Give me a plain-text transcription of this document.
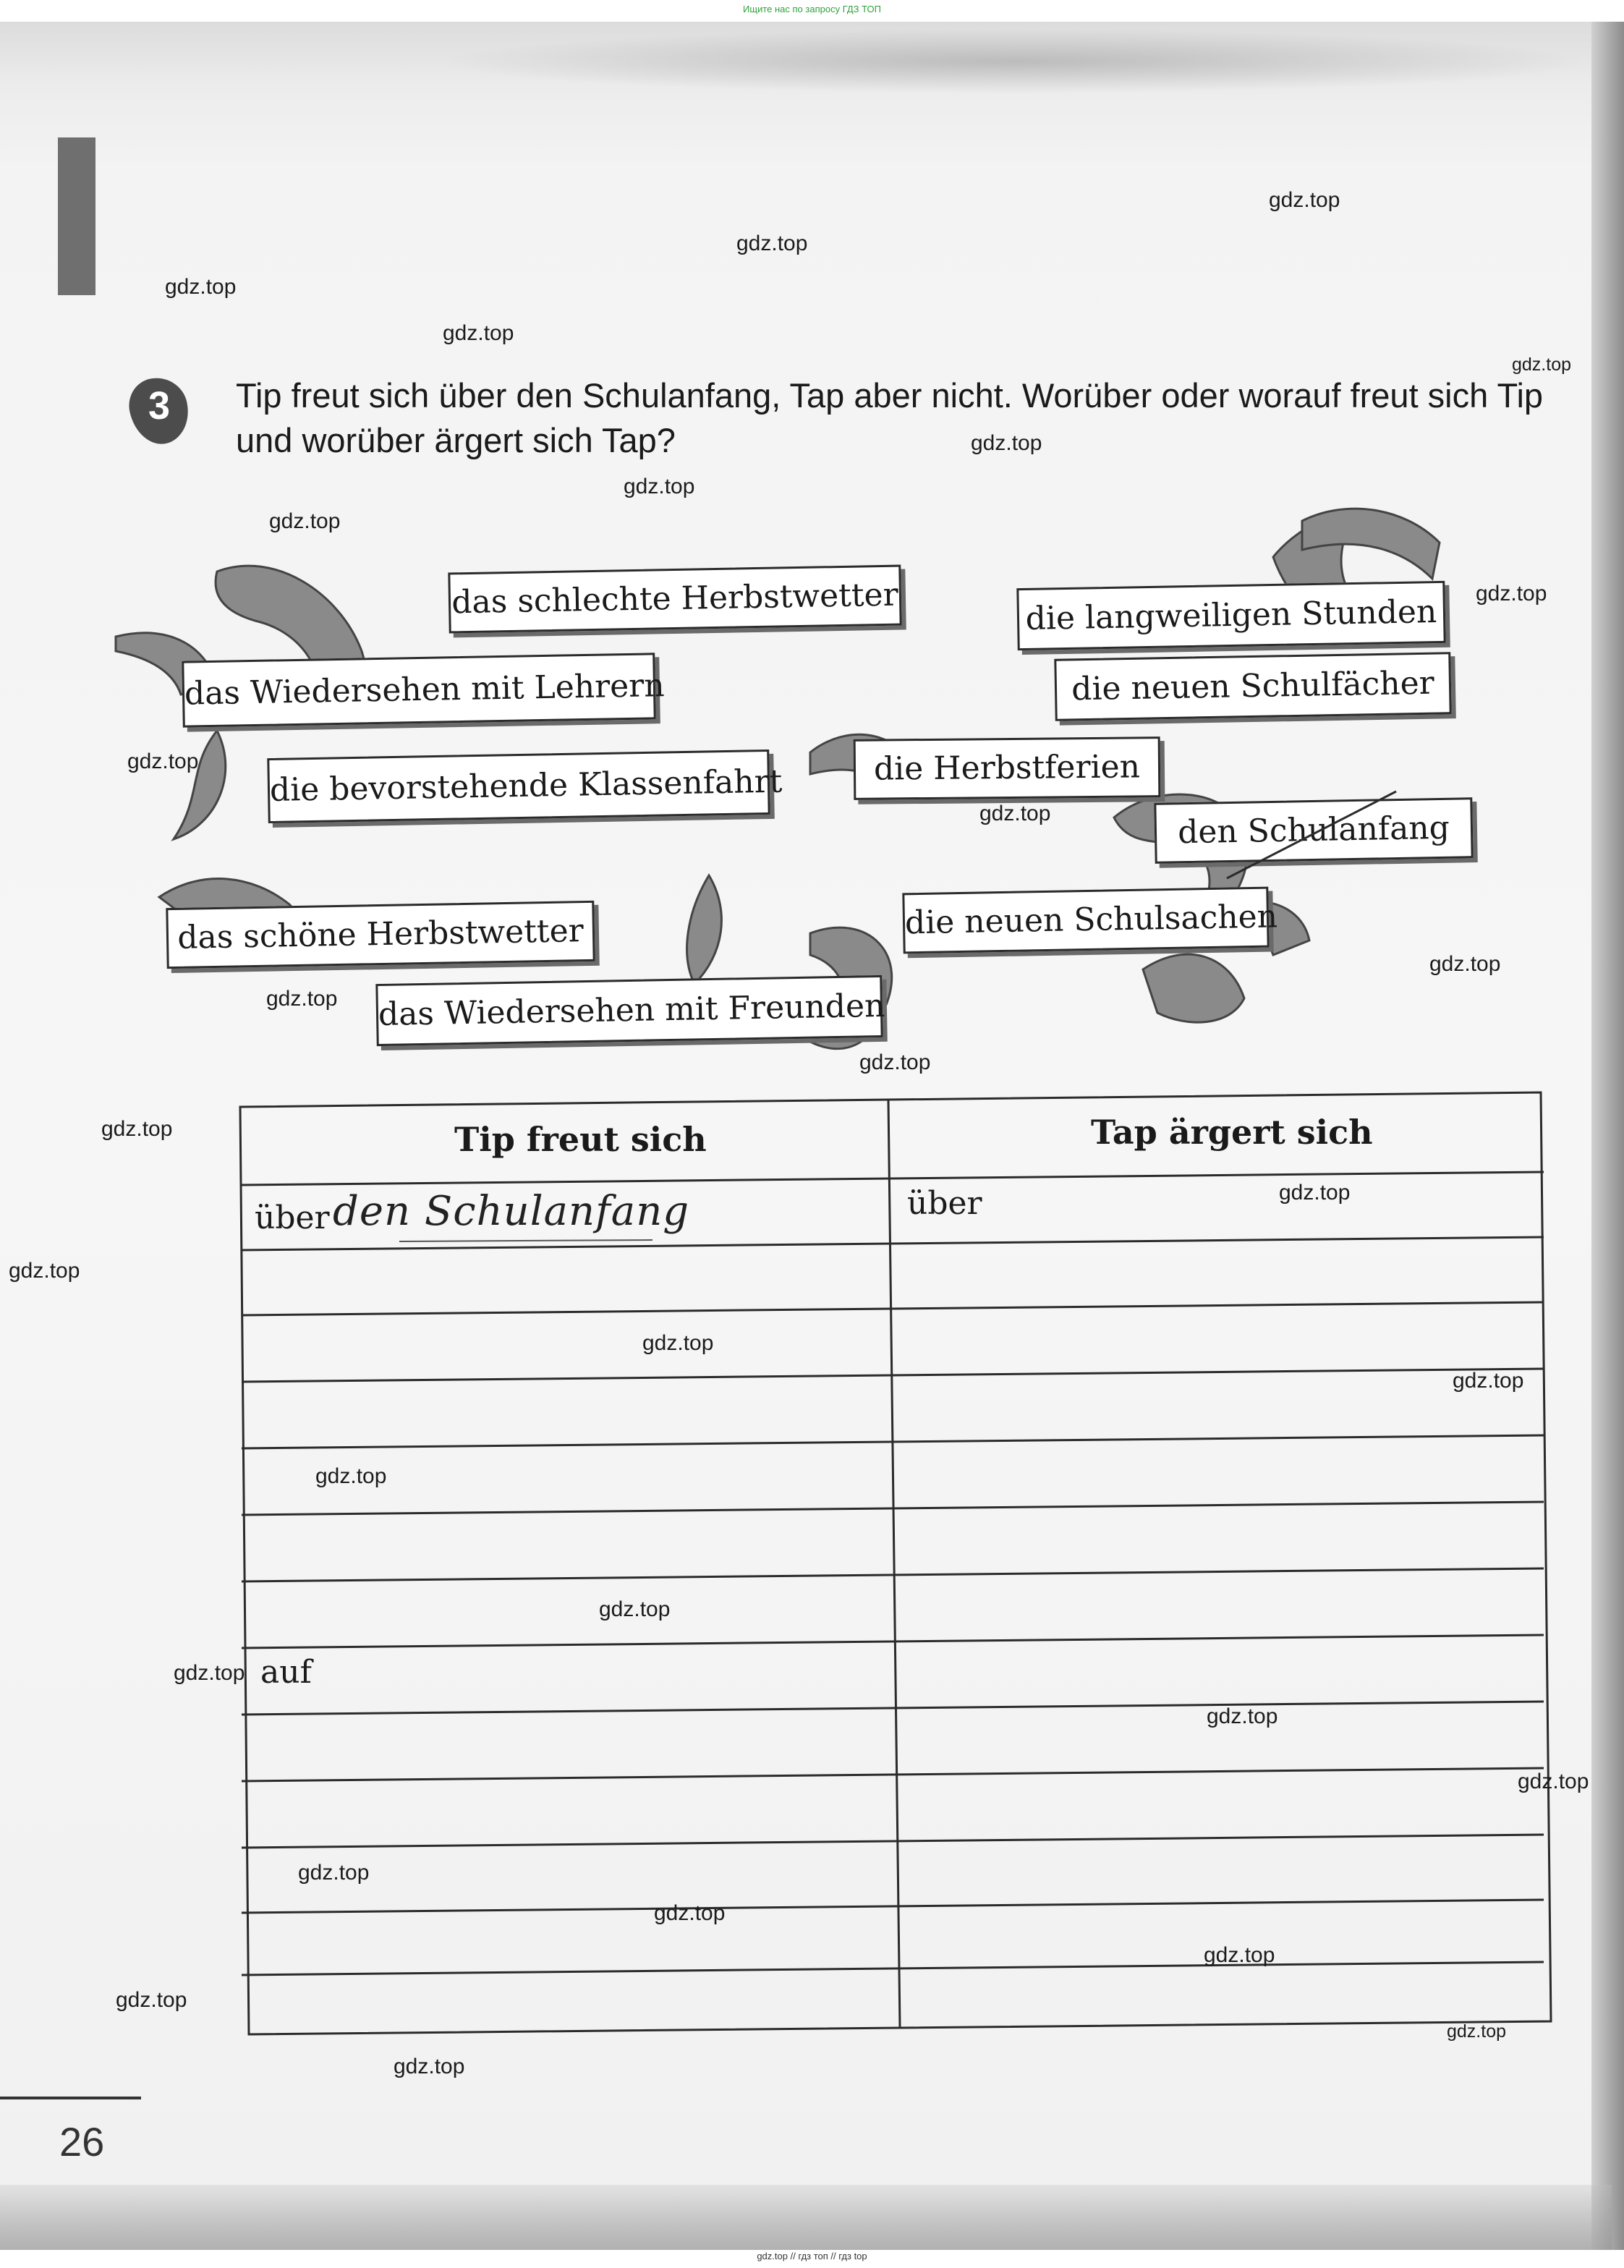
Ищите нас по запросу ГДЗ ТОП
3	Tip freut sich über den Schulanfang, Tap aber nicht. Worüber oder worauf freut sich Tip und worüber ärgert sich Tap?
das schlechte Herbstwetter	die langweiligen Stunden
das Wiedersehen mit Lehrern	die neuen Schulfächer
die Herbstferien
die bevorstehende Klassenfahrt
den Schulanfang
die neuen Schulsachen
das schöne Herbstwetter
das Wiedersehen mit Freunden
Tip freut sich	Tap ärgert sich
über den Schulanfang	über
auf
gdz.top
gdz.top
gdz.top
gdz.top
gdz.top
gdz.top
gdz.top
gdz.top
gdz.top
gdz.top
gdz.top
gdz.top
gdz.top
gdz.top
gdz.top
gdz.top
gdz.top
gdz.top
gdz.top
gdz.top
gdz.top
gdz.top
gdz.top
gdz.top
gdz.top
gdz.top
gdz.top
gdz.top
gdz.top
gdz.top
26
gdz.top // гдз топ // гдз top
